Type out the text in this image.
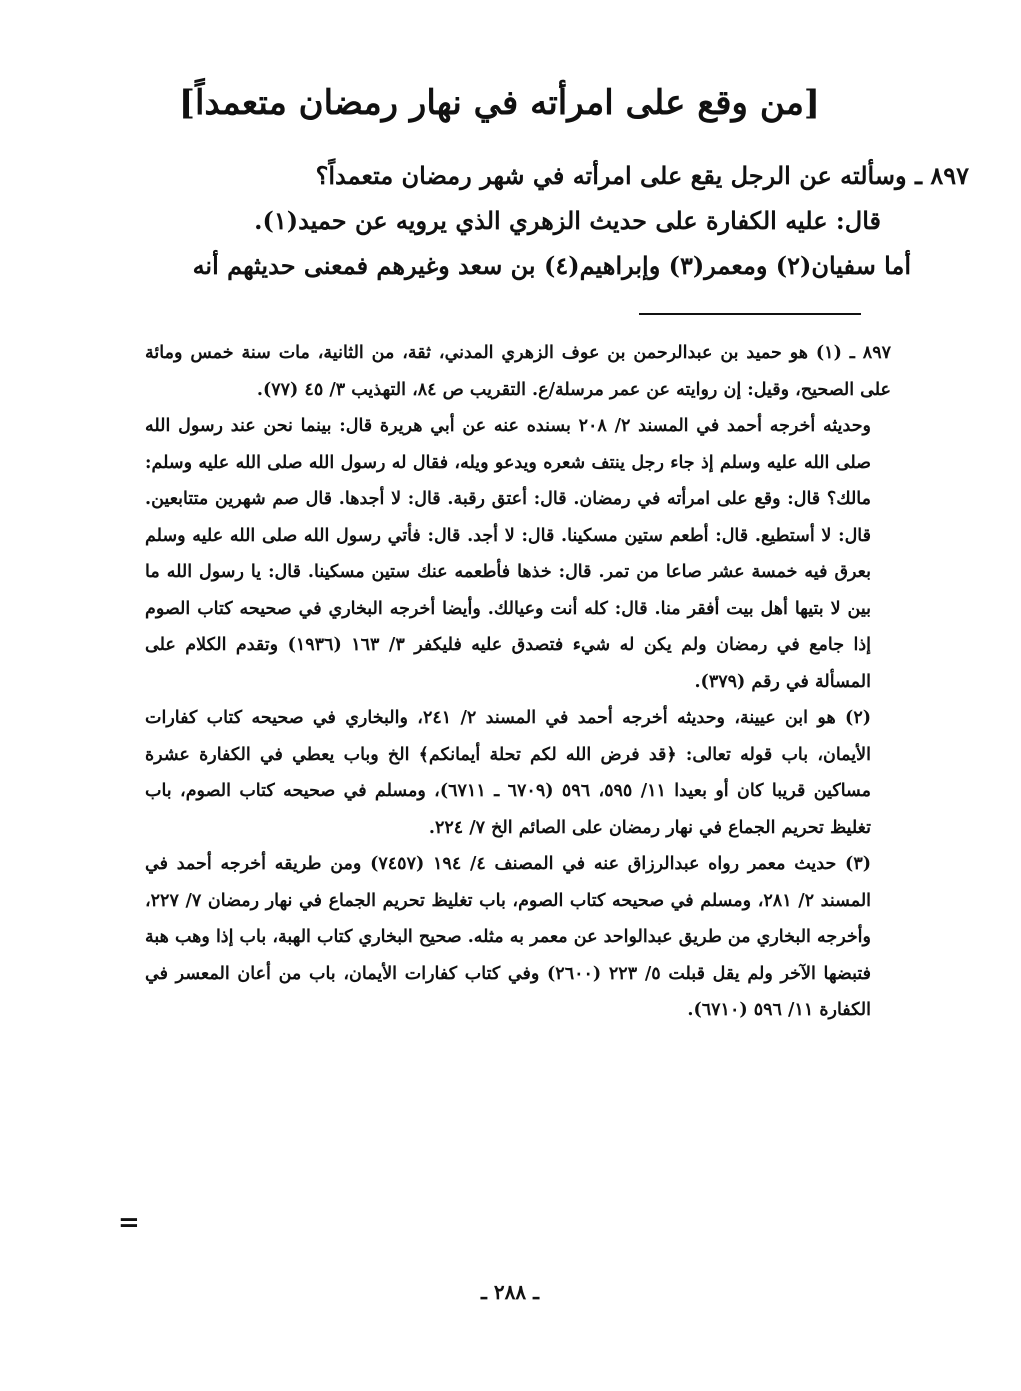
[من وقع على امرأته في نهار رمضان متعمداً]

٨٩٧ ـ وسألته عن الرجل يقع على امرأته في شهر رمضان متعمداً؟

قال: عليه الكفارة على حديث الزهري الذي يرويه عن حميد(١).

أما سفيان(٢) ومعمر(٣) وإبراهيم(٤) بن سعد وغيرهم فمعنى حديثهم أنه

٨٩٧ ـ (١) هو حميد بن عبدالرحمن بن عوف الزهري المدني، ثقة، من الثانية، مات سنة خمس ومائة على الصحيح، وقيل: إن روايته عن عمر مرسلة/ع. التقريب ص ٨٤، التهذيب ٣/ ٤٥ (٧٧).

وحديثه أخرجه أحمد في المسند ٢/ ٢٠٨ بسنده عنه عن أبي هريرة قال: بينما نحن عند رسول الله صلى الله عليه وسلم إذ جاء رجل ينتف شعره ويدعو ويله، فقال له رسول الله صلى الله عليه وسلم: مالك؟ قال: وقع على امرأته في رمضان. قال: أعتق رقبة. قال: لا أجدها. قال صم شهرين متتابعين. قال: لا أستطيع. قال: أطعم ستين مسكينا. قال: لا أجد. قال: فأتي رسول الله صلى الله عليه وسلم بعرق فيه خمسة عشر صاعا من تمر. قال: خذها فأطعمه عنك ستين مسكينا. قال: يا رسول الله ما بين لا بتيها أهل بيت أفقر منا. قال: كله أنت وعيالك. وأيضا أخرجه البخاري في صحيحه كتاب الصوم إذا جامع في رمضان ولم يكن له شيء فتصدق عليه فليكفر ٣/ ١٦٣ (١٩٣٦) وتقدم الكلام على المسألة في رقم (٣٧٩).

(٢) هو ابن عيينة، وحديثه أخرجه أحمد في المسند ٢/ ٢٤١، والبخاري في صحيحه كتاب كفارات الأيمان، باب قوله تعالى: ﴿قد فرض الله لكم تحلة أيمانكم﴾ الخ وباب يعطي في الكفارة عشرة مساكين قريبا كان أو بعيدا ١١/ ٥٩٥، ٥٩٦ (٦٧٠٩ ـ ٦٧١١)، ومسلم في صحيحه كتاب الصوم، باب تغليظ تحريم الجماع في نهار رمضان على الصائم الخ ٧/ ٢٢٤.

(٣) حديث معمر رواه عبدالرزاق عنه في المصنف ٤/ ١٩٤ (٧٤٥٧) ومن طريقه أخرجه أحمد في المسند ٢/ ٢٨١، ومسلم في صحيحه كتاب الصوم، باب تغليظ تحريم الجماع في نهار رمضان ٧/ ٢٢٧، وأخرجه البخاري من طريق عبدالواحد عن معمر به مثله. صحيح البخاري كتاب الهبة، باب إذا وهب هبة فتبضها الآخر ولم يقل قبلت ٥/ ٢٢٣ (٢٦٠٠) وفي كتاب كفارات الأيمان، باب من أعان المعسر في الكفارة ١١/ ٥٩٦ (٦٧١٠).

=
ـ ٢٨٨ ـ
